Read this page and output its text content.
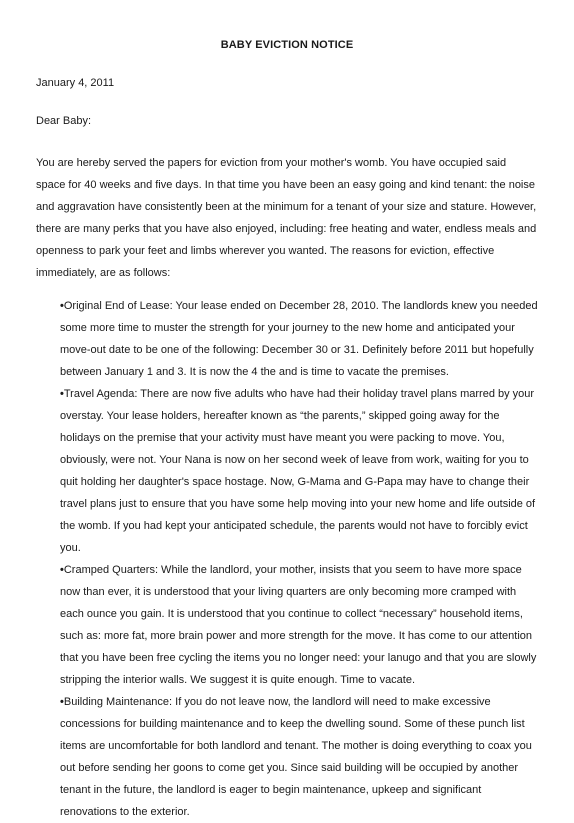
BABY EVICTION NOTICE
January 4, 2011
Dear Baby:

You are hereby served the papers for eviction from your mother's womb. You have occupied said space for 40 weeks and five days. In that time you have been an easy going and kind tenant: the noise and aggravation have consistently been at the minimum for a tenant of your size and stature. However, there are many perks that you have also enjoyed, including: free heating and water, endless meals and openness to park your feet and limbs wherever you wanted. The reasons for eviction, effective immediately, are as follows:

•Original End of Lease: Your lease ended on December 28, 2010. The landlords knew you needed some more time to muster the strength for your journey to the new home and anticipated your move-out date to be one of the following: December 30 or 31. Definitely before 2011 but hopefully between January 1 and 3. It is now the 4 the and is time to vacate the premises.
•Travel Agenda: There are now five adults who have had their holiday travel plans marred by your overstay. Your lease holders, hereafter known as “the parents,” skipped going away for the holidays on the premise that your activity must have meant you were packing to move. You, obviously, were not. Your Nana is now on her second week of leave from work, waiting for you to quit holding her daughter's space hostage. Now, G-Mama and G-Papa may have to change their travel plans just to ensure that you have some help moving into your new home and life outside of the womb. If you had kept your anticipated schedule, the parents would not have to forcibly evict you.
•Cramped Quarters: While the landlord, your mother, insists that you seem to have more space now than ever, it is understood that your living quarters are only becoming more cramped with each ounce you gain. It is understood that you continue to collect “necessary” household items, such as: more fat, more brain power and more strength for the move. It has come to our attention that you have been free cycling the items you no longer need: your lanugo and that you are slowly stripping the interior walls. We suggest it is quite enough. Time to vacate.
•Building Maintenance: If you do not leave now, the landlord will need to make excessive concessions for building maintenance and to keep the dwelling sound. Some of these punch list items are uncomfortable for both landlord and tenant. The mother is doing everything to coax you out before sending her goons to come get you. Since said building will be occupied by another tenant in the future, the landlord is eager to begin maintenance, upkeep and significant renovations to the exterior.
